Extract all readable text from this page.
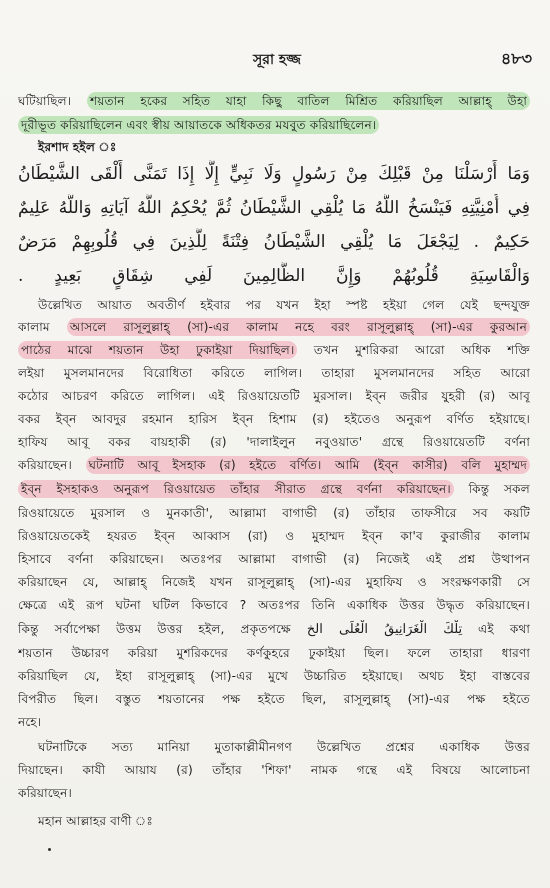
সূরা হজ্জ	৪৮৩
ঘটিয়াছিল। শয়তান হকের সহিত যাহা কিছু বাতিল মিশ্রিত করিয়াছিল আল্লাহ্‌ উহা
দূরীভূত করিয়াছিলেন এবং স্বীয় আয়াতকে অধিকতর মযবুত করিয়াছিলেন।
ইরশাদ হইল ঃ
وَمَا أَرْسَلْنَا مِنْ قَبْلِكَ مِنْ رَسُولٍ وَلَا نَبِيٍّ إِلَّا إِذَا تَمَنَّى أَلْقَى الشَّيْطَانُ
فِي أُمْنِيَّتِهِ فَيَنْسَخُ اللَّهُ مَا يُلْقِي الشَّيْطَانُ ثُمَّ يُحْكِمُ اللَّهُ آيَاتِهِ وَاللَّهُ عَلِيمٌ
حَكِيمٌ . لِيَجْعَلَ مَا يُلْقِي الشَّيْطَانُ فِتْنَةً لِلَّذِينَ فِي قُلُوبِهِمْ مَرَضٌ
وَالْقَاسِيَةِ قُلُوبُهُمْ وَإِنَّ الظَّالِمِينَ لَفِي شِقَاقٍ بَعِيدٍ .
উল্লেখিত আয়াত অবতীর্ণ হইবার পর যখন ইহা স্পষ্ট হইয়া গেল যেই ছন্দযুক্ত
কালাম আসলে রাসূলুল্লাহ্‌ (সা)-এর কালাম নহে বরং রাসূলুল্লাহ্‌ (সা)-এর কুরআন
পাঠের মাঝে শয়তান উহা ঢুকাইয়া দিয়াছিল। তখন মুশরিকরা আরো অধিক শক্তি
লইয়া মুসলমানদের বিরোধিতা করিতে লাগিল। তাহারা মুসলমানদের সহিত আরো
কঠোর আচরণ করিতে লাগিল। এই রিওয়ায়েতটি মুরসাল। ইব্‌ন জরীর যুহরী (র) আবূ
বকর ইব্‌ন আবদুর রহমান হারিস ইব্‌ন হিশাম (র) হইতেও অনুরূপ বর্ণিত হইয়াছে।
হাফিয আবূ বকর বায়হাকী (র) 'দালাইলুন নবুওয়াত' গ্রন্থে রিওয়ায়েতটি বর্ণনা
করিয়াছেন। ঘটনাটি আবূ ইসহাক (র) হইতে বর্ণিত। আমি (ইব্‌ন কাসীর) বলি মুহাম্মদ
ইব্‌ন ইসহাকও অনুরূপ রিওয়ায়েত তাঁহার সীরাত গ্রন্থে বর্ণনা করিয়াছেন। কিন্তু সকল
রিওয়ায়েতে মুরসাল ও মুনকাতী', আল্লামা বাগাভী (র) তাঁহার তাফসীরে সব কয়টি
রিওয়ায়েতকেই হযরত ইব্‌ন আব্বাস (রা) ও মুহাম্মদ ইব্‌ন কা'ব কুরাজীর কালাম
হিসাবে বর্ণনা করিয়াছেন। অতঃপর আল্লামা বাগাভী (র) নিজেই এই প্রশ্ন উত্থাপন
করিয়াছেন যে, আল্লাহ্‌ নিজেই যখন রাসূলুল্লাহ্‌ (সা)-এর মুহাফিয ও সংরক্ষণকারী সে
ক্ষেত্রে এই রূপ ঘটনা ঘটিল কিভাবে ? অতঃপর তিনি একাধিক উত্তর উদ্ধৃত করিয়াছেন।
কিন্তু সর্বাপেক্ষা উত্তম উত্তর হইল, প্রকৃতপক্ষে تِلْكَ الْغَرَانِيقُ الْعُلَى الخ এই কথা
শয়তান উচ্চারণ করিয়া মুশরিকদের কর্ণকুহরে ঢুকাইয়া ছিল। ফলে তাহারা ধারণা
করিয়াছিল যে, ইহা রাসূলুল্লাহ্‌ (সা)-এর মুখে উচ্চারিত হইয়াছে। অথচ ইহা বাস্তবের
বিপরীত ছিল। বস্তুত শয়তানের পক্ষ হইতে ছিল, রাসূলুল্লাহ্‌ (সা)-এর পক্ষ হইতে
নহে।
ঘটনাটিকে সত্য মানিয়া মুতাকাল্লীমীনগণ উল্লেখিত প্রশ্নের একাধিক উত্তর
দিয়াছেন। কাযী আয়ায (র) তাঁহার 'শিফা' নামক গন্থে এই বিষয়ে আলোচনা
করিয়াছেন।
মহান আল্লাহর বাণী ঃ
